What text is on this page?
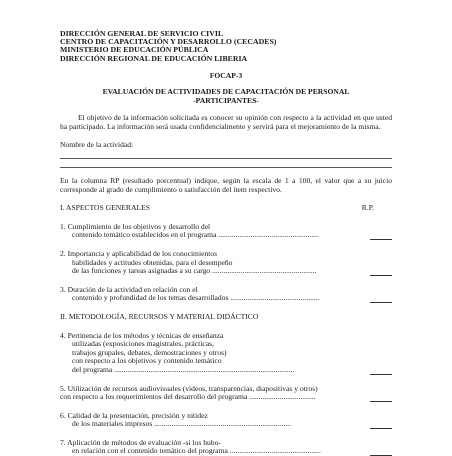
DIRECCIÓN GENERAL DE SERVICIO CIVIL
CENTRO DE CAPACITACIÓN Y DESARROLLO (CECADES)
MINISTERIO DE EDUCACIÓN PÚBLICA
DIRECCIÓN REGIONAL DE EDUCACIÓN LIBERIA
FOCAP-3
EVALUACIÓN DE ACTIVIDADES DE CAPACITACIÓN DE PERSONAL
-PARTICIPANTES-
El objetivo de la información solicitada es conocer su opinión con respecto a la actividad en que usted ha participado. La información será usada confidencialmente y servirá para el mejoramiento de la misma.
Nombre de la actividad:
En la columna RP (resultado porcentual) indique, según la escala de 1 a 100, el valor que a su juicio corresponde al grado de cumplimiento o satisfacción del ítem respectivo.
I. ASPECTOS GENERALES	R.P.
1. Cumplimiento de los objetivos y desarrollo del
contenido temático establecidos en el programa .....................................................
2. Importancia y aplicabilidad de los conocimientos
habilidades y actitudes obtenidas, para el desempeño
de las funciones y tareas asignadas a su cargo .......................................................
3. Duración de la actividad en relación con el
contenido y profundidad de los temas desarrollados ...............................................
II. METODOLOGÍA, RECURSOS Y MATERIAL DIDÁCTICO
4. Pertinencia de los métodos y técnicas de enseñanza
utilizadas (exposiciones magistrales, prácticas,
trabajos grupales, debates, demostraciones y otros)
con respecto a los objetivos y contenido temático
del programa ...............................................................................................
5. Utilización de recursos audiovisuales (videos, transparencias, diapositivas y otros)
con respecto a los requerimientos del desarrollo del programa ...................................
6. Calidad de la presentación, precisión y nitidez
de los materiales impresos ........................................................................
7. Aplicación de métodos de evaluación -si los hubo-
en relación con el contenido temático del programa ................................................
